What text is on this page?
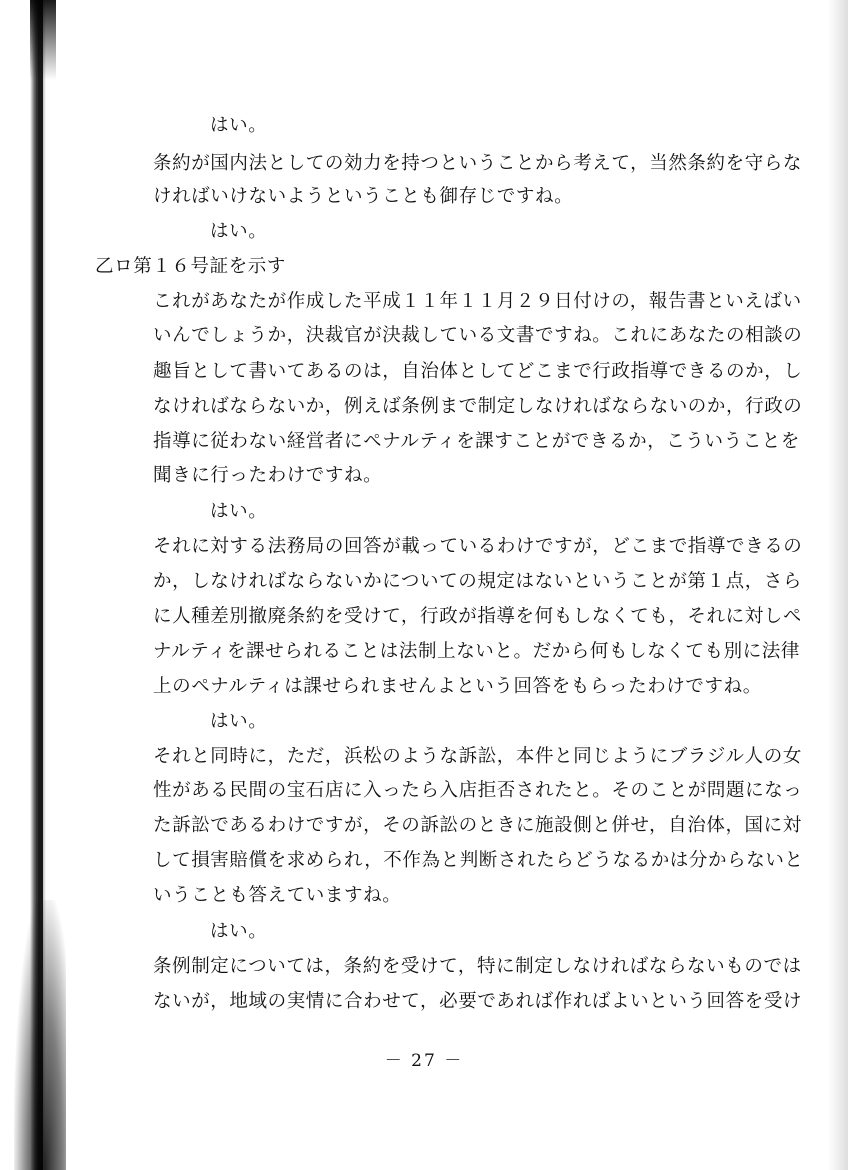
はい。
条約が国内法としての効力を持つということから考えて，当然条約を守らな
ければいけないようということも御存じですね。
はい。
乙ロ第１６号証を示す
これがあなたが作成した平成１１年１１月２９日付けの，報告書といえばい
いんでしょうか，決裁官が決裁している文書ですね。これにあなたの相談の
趣旨として書いてあるのは，自治体としてどこまで行政指導できるのか，し
なければならないか，例えば条例まで制定しなければならないのか，行政の
指導に従わない経営者にペナルティを課すことができるか，こういうことを
聞きに行ったわけですね。
はい。
それに対する法務局の回答が載っているわけですが，どこまで指導できるの
か，しなければならないかについての規定はないということが第１点，さら
に人種差別撤廃条約を受けて，行政が指導を何もしなくても，それに対しペ
ナルティを課せられることは法制上ないと。だから何もしなくても別に法律
上のペナルティは課せられませんよという回答をもらったわけですね。
はい。
それと同時に，ただ，浜松のような訴訟，本件と同じようにブラジル人の女
性がある民間の宝石店に入ったら入店拒否されたと。そのことが問題になっ
た訴訟であるわけですが，その訴訟のときに施設側と併せ，自治体，国に対
して損害賠償を求められ，不作為と判断されたらどうなるかは分からないと
いうことも答えていますね。
はい。
条例制定については，条約を受けて，特に制定しなければならないものでは
ないが，地域の実情に合わせて，必要であれば作ればよいという回答を受け
－ 27 －
